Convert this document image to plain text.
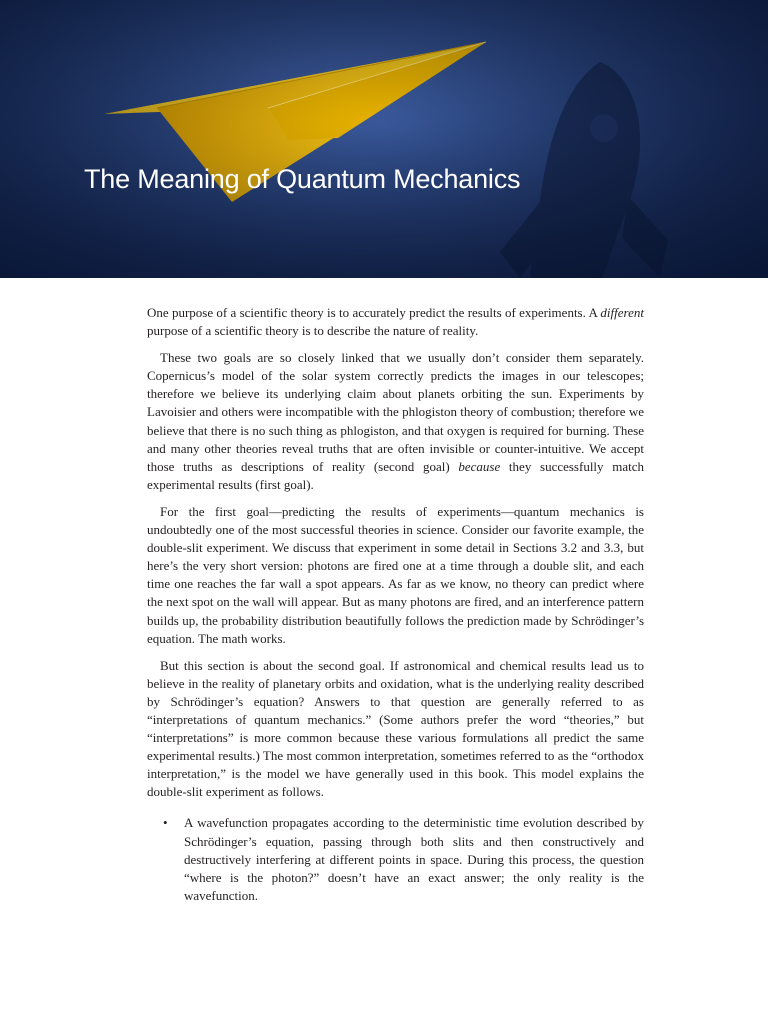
The Meaning of Quantum Mechanics

One purpose of a scientific theory is to accurately predict the results of experiments. A different purpose of a scientific theory is to describe the nature of reality.

These two goals are so closely linked that we usually don’t consider them separately. Copernicus’s model of the solar system correctly predicts the images in our telescopes; therefore we believe its underlying claim about planets orbiting the sun. Experiments by Lavoisier and others were incompatible with the phlogiston theory of combustion; therefore we believe that there is no such thing as phlogiston, and that oxygen is required for burning. These and many other theories reveal truths that are often invisible or counter-intuitive. We accept those truths as descriptions of reality (second goal) because they successfully match experimental results (first goal).

For the first goal—predicting the results of experiments—quantum mechanics is undoubtedly one of the most successful theories in science. Consider our favorite example, the double-slit experiment. We discuss that experiment in some detail in Sections 3.2 and 3.3, but here’s the very short version: photons are fired one at a time through a double slit, and each time one reaches the far wall a spot appears. As far as we know, no theory can predict where the next spot on the wall will appear. But as many photons are fired, and an interference pattern builds up, the probability distribution beautifully follows the prediction made by Schrödinger’s equation. The math works.

But this section is about the second goal. If astronomical and chemical results lead us to believe in the reality of planetary orbits and oxidation, what is the underlying reality described by Schrödinger’s equation? Answers to that question are generally referred to as “interpretations of quantum mechanics.” (Some authors prefer the word “theories,” but “interpretations” is more common because these various formulations all predict the same experimental results.) The most common interpretation, sometimes referred to as the “orthodox interpretation,” is the model we have generally used in this book. This model explains the double-slit experiment as follows.

• A wavefunction propagates according to the deterministic time evolution described by Schrödinger’s equation, passing through both slits and then constructively and destructively interfering at different points in space. During this process, the question “where is the photon?” doesn’t have an exact answer; the only reality is the wavefunction.
